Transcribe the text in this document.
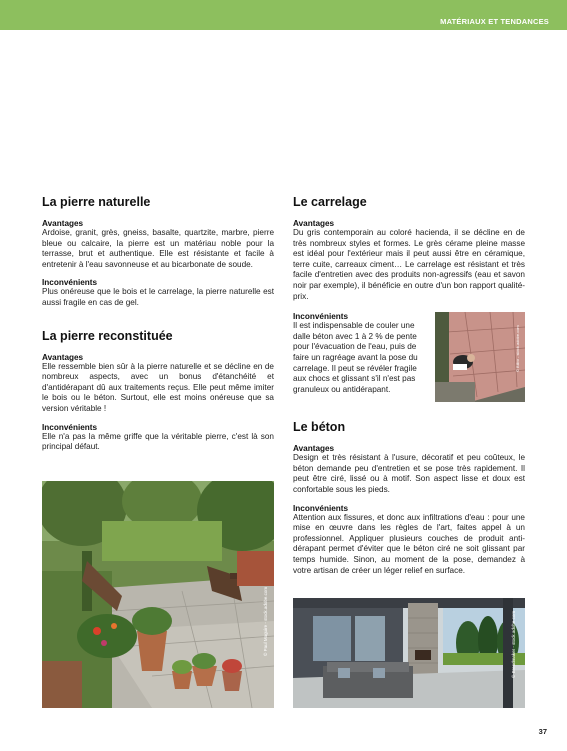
MATÉRIAUX ET TENDANCES
La pierre naturelle
Avantages

Ardoise, granit, grès, gneiss, basalte, quartzite, marbre, pierre bleue ou calcaire, la pierre est un matériau noble pour la terrasse, brut et authentique. Elle est résistante et facile à entretenir à l'eau savonneuse et au bicarbonate de soude.

Inconvénients

Plus onéreuse que le bois et le carrelage, la pierre naturelle est aussi fragile en cas de gel.

La pierre reconstituée
Avantages

Elle ressemble bien sûr à la pierre naturelle et se décline en de nombreux aspects, avec un bonus d'étanchéité et d'antidérapant dû aux traitements reçus. Elle peut même imiter le bois ou le béton. Surtout, elle est moins onéreuse que sa version véritable !

Inconvénients

Elle n'a pas la même griffe que la véritable pierre, c'est là son principal défaut.

© Paul Maguire - stock.adobe.com
Le carrelage
Avantages

Du gris contemporain au coloré hacienda, il se décline en de très nombreux styles et formes. Le grès cérame pleine masse est idéal pour l'extérieur mais il peut aussi être en céramique, terre cuite, carreaux ciment… Le carrelage est résistant et très facile d'entretien avec des produits non-agressifs (eau et savon noir par exemple), il bénéficie en outre d'un bon rapport qualité-prix.

© Bilbo - stock.adobe.com
Inconvénients

Il est indispensable de couler une dalle béton avec 1 à 2 % de pente pour l'évacuation de l'eau, puis de faire un ragréage avant la pose du carrelage. Il peut se révéler fragile aux chocs et glissant s'il n'est pas granuleux ou antidérapant.

Le béton
Avantages

Design et très résistant à l'usure, décoratif et peu coûteux, le béton demande peu d'entretien et se pose très rapidement. Il peut être ciré, lissé ou à motif. Son aspect lisse et doux est confortable sous les pieds.

Inconvénients

Attention aux fissures, et donc aux infiltrations d'eau : pour une mise en œuvre dans les règles de l'art, faites appel à un professionnel. Appliquer plusieurs couches de produit anti-dérapant permet d'éviter que le béton ciré ne soit glissant par temps humide. Sinon, au moment de la pose, demandez à votre artisan de créer un léger relief en surface.

© Breadmaker - stock.adobe.com
37
